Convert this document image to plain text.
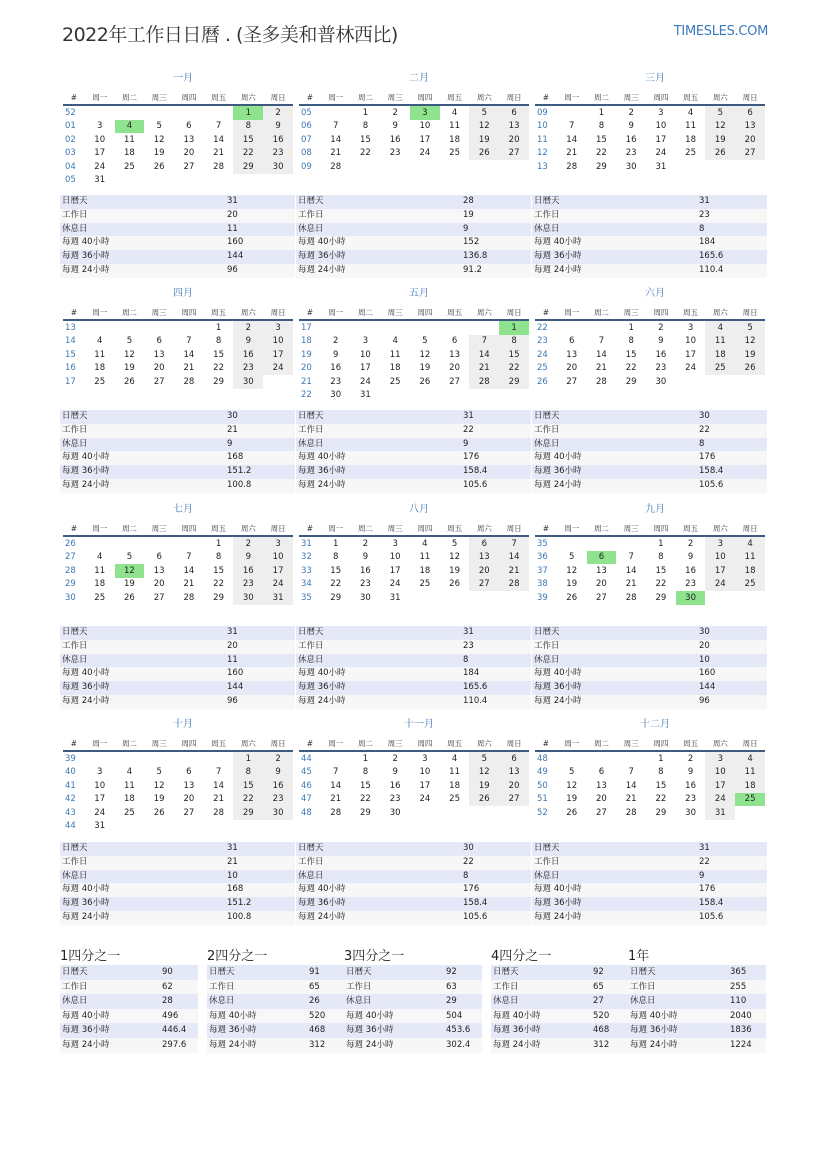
2022年工作日日曆 . (圣多美和普林西比)	TIMESLES.COM
一月
#	周一	周二	周三	周四	周五	周六	周日
52						1	2
01	3	4	5	6	7	8	9
02	10	11	12	13	14	15	16
03	17	18	19	20	21	22	23
04	24	25	26	27	28	29	30
05	31						
日曆天	31
工作日	20
休息日	11
每週 40小時	160
每週 36小時	144
每週 24小時	96
二月
#	周一	周二	周三	周四	周五	周六	周日
05		1	2	3	4	5	6
06	7	8	9	10	11	12	13
07	14	15	16	17	18	19	20
08	21	22	23	24	25	26	27
09	28						
日曆天	28
工作日	19
休息日	9
每週 40小時	152
每週 36小時	136.8
每週 24小時	91.2
三月
#	周一	周二	周三	周四	周五	周六	周日
09		1	2	3	4	5	6
10	7	8	9	10	11	12	13
11	14	15	16	17	18	19	20
12	21	22	23	24	25	26	27
13	28	29	30	31			
日曆天	31
工作日	23
休息日	8
每週 40小時	184
每週 36小時	165.6
每週 24小時	110.4
四月
#	周一	周二	周三	周四	周五	周六	周日
13					1	2	3
14	4	5	6	7	8	9	10
15	11	12	13	14	15	16	17
16	18	19	20	21	22	23	24
17	25	26	27	28	29	30	
日曆天	30
工作日	21
休息日	9
每週 40小時	168
每週 36小時	151.2
每週 24小時	100.8
五月
#	周一	周二	周三	周四	周五	周六	周日
17							1
18	2	3	4	5	6	7	8
19	9	10	11	12	13	14	15
20	16	17	18	19	20	21	22
21	23	24	25	26	27	28	29
22	30	31					
日曆天	31
工作日	22
休息日	9
每週 40小時	176
每週 36小時	158.4
每週 24小時	105.6
六月
#	周一	周二	周三	周四	周五	周六	周日
22			1	2	3	4	5
23	6	7	8	9	10	11	12
24	13	14	15	16	17	18	19
25	20	21	22	23	24	25	26
26	27	28	29	30			
日曆天	30
工作日	22
休息日	8
每週 40小時	176
每週 36小時	158.4
每週 24小時	105.6
七月
#	周一	周二	周三	周四	周五	周六	周日
26					1	2	3
27	4	5	6	7	8	9	10
28	11	12	13	14	15	16	17
29	18	19	20	21	22	23	24
30	25	26	27	28	29	30	31
日曆天	31
工作日	20
休息日	11
每週 40小時	160
每週 36小時	144
每週 24小時	96
八月
#	周一	周二	周三	周四	周五	周六	周日
31	1	2	3	4	5	6	7
32	8	9	10	11	12	13	14
33	15	16	17	18	19	20	21
34	22	23	24	25	26	27	28
35	29	30	31				
日曆天	31
工作日	23
休息日	8
每週 40小時	184
每週 36小時	165.6
每週 24小時	110.4
九月
#	周一	周二	周三	周四	周五	周六	周日
35				1	2	3	4
36	5	6	7	8	9	10	11
37	12	13	14	15	16	17	18
38	19	20	21	22	23	24	25
39	26	27	28	29	30		
日曆天	30
工作日	20
休息日	10
每週 40小時	160
每週 36小時	144
每週 24小時	96
十月
#	周一	周二	周三	周四	周五	周六	周日
39						1	2
40	3	4	5	6	7	8	9
41	10	11	12	13	14	15	16
42	17	18	19	20	21	22	23
43	24	25	26	27	28	29	30
44	31						
日曆天	31
工作日	21
休息日	10
每週 40小時	168
每週 36小時	151.2
每週 24小時	100.8
十一月
#	周一	周二	周三	周四	周五	周六	周日
44		1	2	3	4	5	6
45	7	8	9	10	11	12	13
46	14	15	16	17	18	19	20
47	21	22	23	24	25	26	27
48	28	29	30				
日曆天	30
工作日	22
休息日	8
每週 40小時	176
每週 36小時	158.4
每週 24小時	105.6
十二月
#	周一	周二	周三	周四	周五	周六	周日
48				1	2	3	4
49	5	6	7	8	9	10	11
50	12	13	14	15	16	17	18
51	19	20	21	22	23	24	25
52	26	27	28	29	30	31	
日曆天	31
工作日	22
休息日	9
每週 40小時	176
每週 36小時	158.4
每週 24小時	105.6
1四分之一
日曆天	90
工作日	62
休息日	28
每週 40小時	496
每週 36小時	446.4
每週 24小時	297.6
2四分之一
日曆天	91
工作日	65
休息日	26
每週 40小時	520
每週 36小時	468
每週 24小時	312
3四分之一
日曆天	92
工作日	63
休息日	29
每週 40小時	504
每週 36小時	453.6
每週 24小時	302.4
4四分之一
日曆天	92
工作日	65
休息日	27
每週 40小時	520
每週 36小時	468
每週 24小時	312
1年
日曆天	365
工作日	255
休息日	110
每週 40小時	2040
每週 36小時	1836
每週 24小時	1224
